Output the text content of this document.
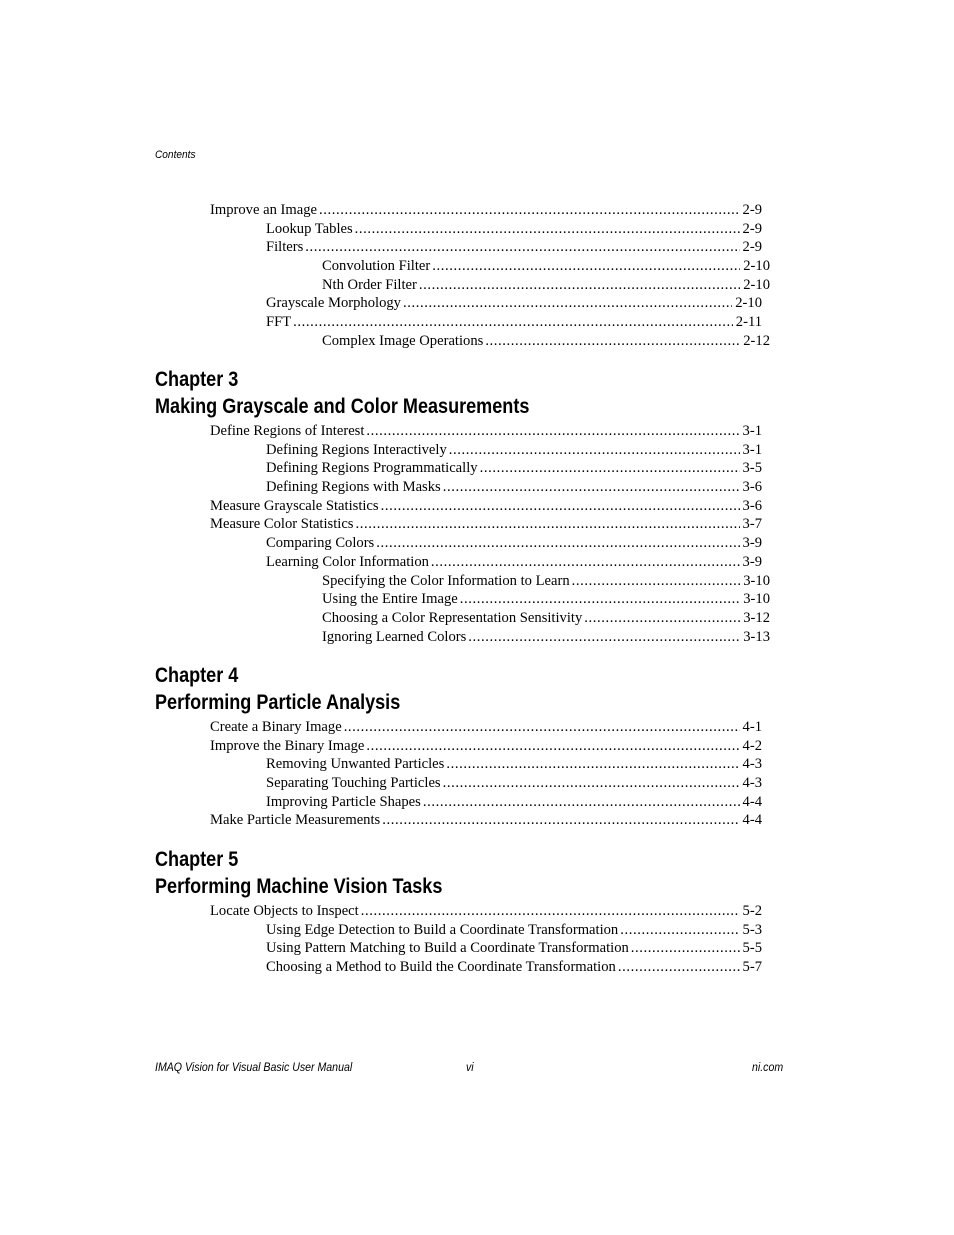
Contents
Improve an Image .....	2-9
Lookup Tables .....	2-9
Filters .....	2-9
Convolution Filter .....	2-10
Nth Order Filter .....	2-10
Grayscale Morphology .....	2-10
FFT .....	2-11
Complex Image Operations .....	2-12
Chapter 3
Making Grayscale and Color Measurements
Define Regions of Interest .....	3-1
Defining Regions Interactively .....	3-1
Defining Regions Programmatically .....	3-5
Defining Regions with Masks .....	3-6
Measure Grayscale Statistics .....	3-6
Measure Color Statistics .....	3-7
Comparing Colors .....	3-9
Learning Color Information .....	3-9
Specifying the Color Information to Learn .....	3-10
Using the Entire Image .....	3-10
Choosing a Color Representation Sensitivity .....	3-12
Ignoring Learned Colors .....	3-13
Chapter 4
Performing Particle Analysis
Create a Binary Image .....	4-1
Improve the Binary Image .....	4-2
Removing Unwanted Particles .....	4-3
Separating Touching Particles .....	4-3
Improving Particle Shapes .....	4-4
Make Particle Measurements .....	4-4
Chapter 5
Performing Machine Vision Tasks
Locate Objects to Inspect .....	5-2
Using Edge Detection to Build a Coordinate Transformation .....	5-3
Using Pattern Matching to Build a Coordinate Transformation .....	5-5
Choosing a Method to Build the Coordinate Transformation .....	5-7
IMAQ Vision for Visual Basic User Manual	vi	ni.com
